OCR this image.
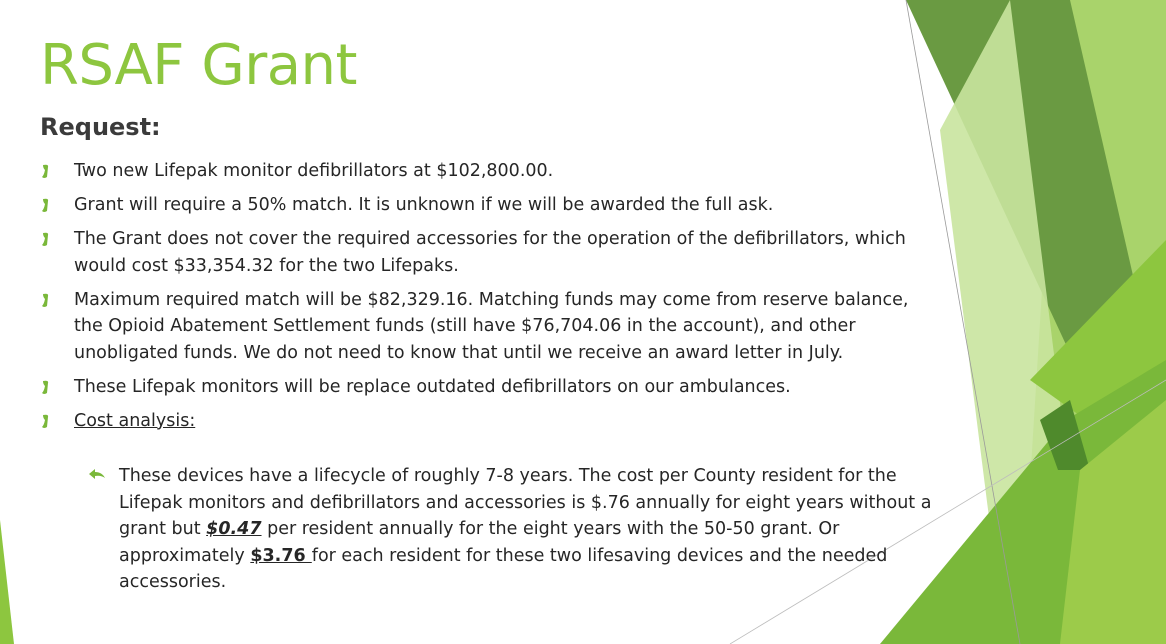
RSAF Grant
Request:
Two new Lifepak monitor defibrillators at $102,800.00.
Grant will require a 50% match. It is unknown if we will be awarded the full ask.
The Grant does not cover the required accessories for the operation of the defibrillators, which would cost $33,354.32 for the two Lifepaks.
Maximum required match will be $82,329.16. Matching funds may come from reserve balance, the Opioid Abatement Settlement funds (still have $76,704.06 in the account), and other unobligated funds. We do not need to know that until we receive an award letter in July.
These Lifepak monitors will be replace outdated defibrillators on our ambulances.
Cost analysis:
These devices have a lifecycle of roughly 7-8 years. The cost per County resident for the Lifepak monitors and defibrillators and accessories is $.76 annually for eight years without a grant but $0.47 per resident annually for the eight years with the 50-50 grant. Or approximately $3.76 for each resident for these two lifesaving devices and the needed accessories.
